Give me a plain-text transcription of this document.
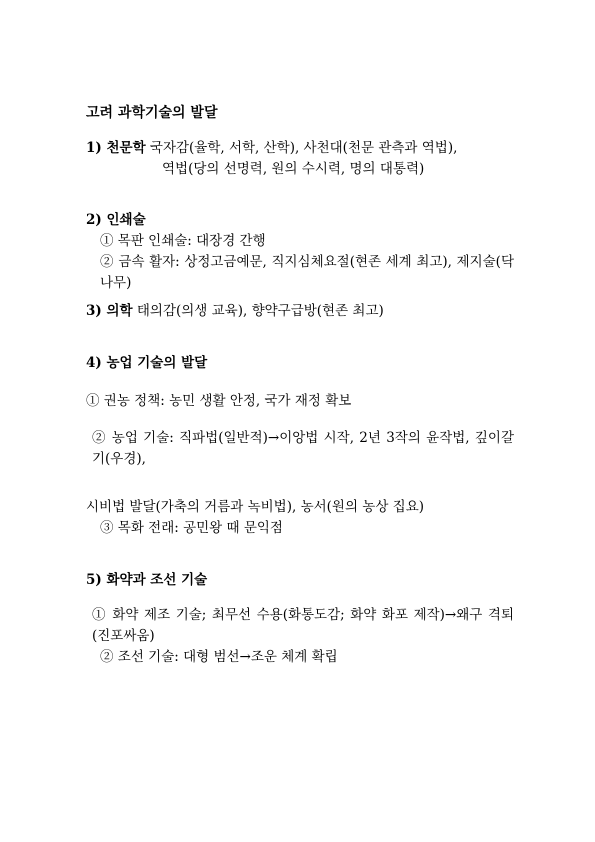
고려 과학기술의 발달

1) 천문학 국자감(율학, 서학, 산학), 사천대(천문 관측과 역법),

역법(당의 선명력, 원의 수시력, 명의 대통력)

2) 인쇄술

① 목판 인쇄술: 대장경 간행

② 금속 활자: 상정고금예문, 직지심체요절(현존 세계 최고), 제지술(닥나무)

3) 의학 태의감(의생 교육), 향약구급방(현존 최고)

4) 농업 기술의 발달

① 권농 정책: 농민 생활 안정, 국가 재정 확보

② 농업 기술: 직파법(일반적)→이앙법 시작, 2년 3작의 윤작법, 깊이갈기(우경),

시비법 발달(가축의 거름과 녹비법), 농서(원의 농상 집요)

③ 목화 전래: 공민왕 때 문익점

5) 화약과 조선 기술

① 화약 제조 기술; 최무선 수용(화통도감; 화약 화포 제작)→왜구 격퇴(진포싸움)

② 조선 기술: 대형 범선→조운 체계 확립
